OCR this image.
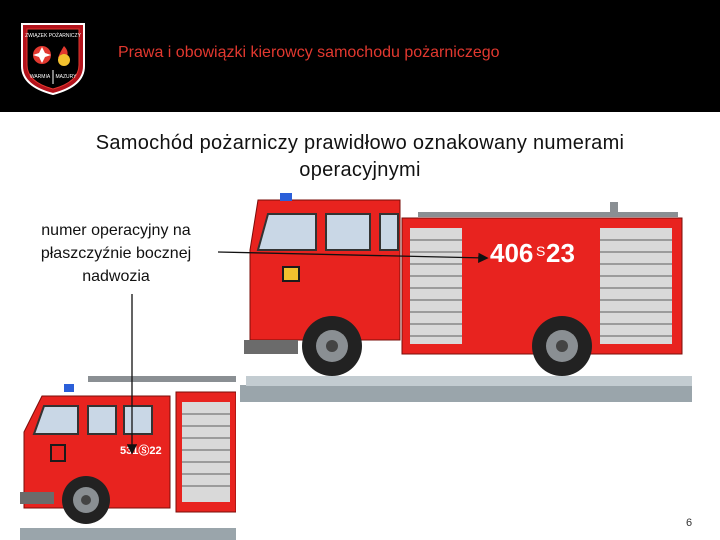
ZWIĄZEK POŻARNICZY
WARMIA MAZURY
Prawa i obowiązki kierowcy samochodu pożarniczego
Samochód pożarniczy prawidłowo oznakowany numerami
operacyjnymi
numer operacyjny na
płaszczyźnie bocznej
nadwozia
406 S 23
531Ⓢ22
6
